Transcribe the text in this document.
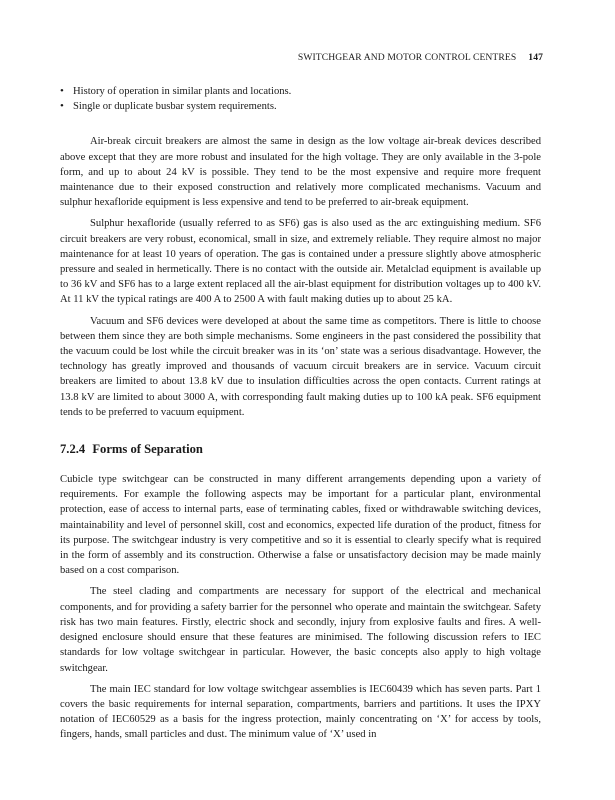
SWITCHGEAR AND MOTOR CONTROL CENTRES 147
• History of operation in similar plants and locations.
• Single or duplicate busbar system requirements.

Air-break circuit breakers are almost the same in design as the low voltage air-break devices described above except that they are more robust and insulated for the high voltage. They are only available in the 3-pole form, and up to about 24 kV is possible. They tend to be the most expensive and require more frequent maintenance due to their exposed construction and relatively more complicated mechanisms. Vacuum and sulphur hexafloride equipment is less expensive and tend to be preferred to air-break equipment.

Sulphur hexafloride (usually referred to as SF6) gas is also used as the arc extinguishing medium. SF6 circuit breakers are very robust, economical, small in size, and extremely reliable. They require almost no major maintenance for at least 10 years of operation. The gas is contained under a pressure slightly above atmospheric pressure and sealed in hermetically. There is no contact with the outside air. Metalclad equipment is available up to 36 kV and SF6 has to a large extent replaced all the air-blast equipment for distribution voltages up to 400 kV. At 11 kV the typical ratings are 400 A to 2500 A with fault making duties up to about 25 kA.

Vacuum and SF6 devices were developed at about the same time as competitors. There is little to choose between them since they are both simple mechanisms. Some engineers in the past considered the possibility that the vacuum could be lost while the circuit breaker was in its ‘on’ state was a serious disadvantage. However, the technology has greatly improved and thousands of vacuum circuit breakers are in service. Vacuum circuit breakers are limited to about 13.8 kV due to insulation difficulties across the open contacts. Current ratings at 13.8 kV are limited to about 3000 A, with corresponding fault making duties up to 100 kA peak. SF6 equipment tends to be preferred to vacuum equipment.

7.2.4 Forms of Separation

Cubicle type switchgear can be constructed in many different arrangements depending upon a variety of requirements. For example the following aspects may be important for a particular plant, environmental protection, ease of access to internal parts, ease of terminating cables, fixed or withdrawable switching devices, maintainability and level of personnel skill, cost and economics, expected life duration of the product, fitness for its purpose. The switchgear industry is very competitive and so it is essential to clearly specify what is required in the form of assembly and its construction. Otherwise a false or unsatisfactory decision may be made mainly based on a cost comparison.

The steel clading and compartments are necessary for support of the electrical and mechanical components, and for providing a safety barrier for the personnel who operate and maintain the switchgear. Safety risk has two main features. Firstly, electric shock and secondly, injury from explosive faults and fires. A well-designed enclosure should ensure that these features are minimised. The following discussion refers to IEC standards for low voltage switchgear in particular. However, the basic concepts also apply to high voltage switchgear.

The main IEC standard for low voltage switchgear assemblies is IEC60439 which has seven parts. Part 1 covers the basic requirements for internal separation, compartments, barriers and partitions. It uses the IPXY notation of IEC60529 as a basis for the ingress protection, mainly concentrating on ‘X’ for access by tools, fingers, hands, small particles and dust. The minimum value of ‘X’ used in
